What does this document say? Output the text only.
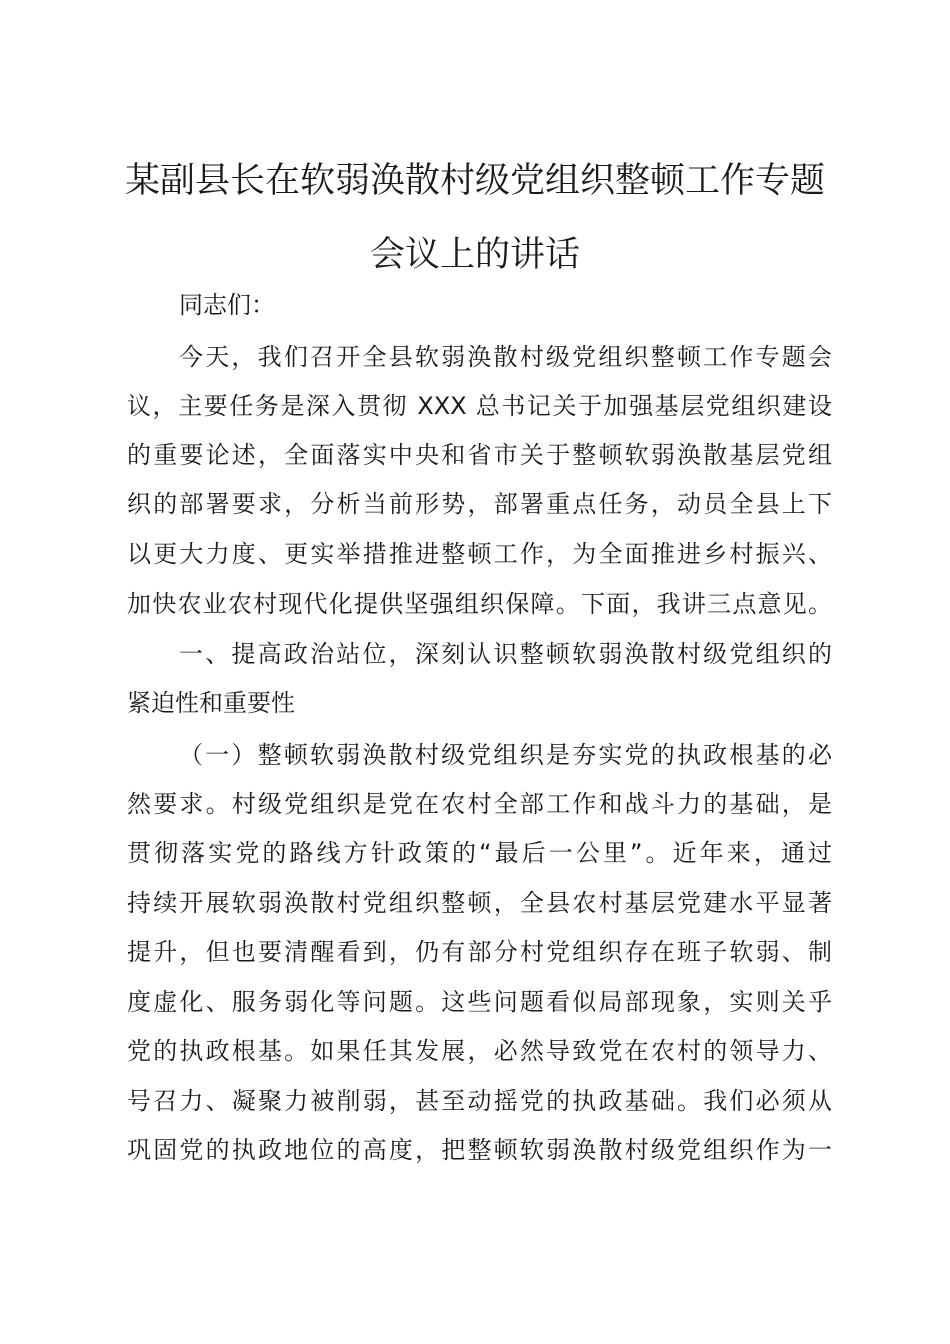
某副县长在软弱涣散村级党组织整顿工作专题
会议上的讲话

同志们：

今天，我们召开全县软弱涣散村级党组织整顿工作专题会

议，主要任务是深入贯彻 XXX 总书记关于加强基层党组织建设

的重要论述，全面落实中央和省市关于整顿软弱涣散基层党组

织的部署要求，分析当前形势，部署重点任务，动员全县上下

以更大力度、更实举措推进整顿工作，为全面推进乡村振兴、

加快农业农村现代化提供坚强组织保障。下面，我讲三点意见。

一、提高政治站位，深刻认识整顿软弱涣散村级党组织的

紧迫性和重要性

（一）整顿软弱涣散村级党组织是夯实党的执政根基的必

然要求。村级党组织是党在农村全部工作和战斗力的基础，是

贯彻落实党的路线方针政策的“最后一公里”。近年来，通过

持续开展软弱涣散村党组织整顿，全县农村基层党建水平显著

提升，但也要清醒看到，仍有部分村党组织存在班子软弱、制

度虚化、服务弱化等问题。这些问题看似局部现象，实则关乎

党的执政根基。如果任其发展，必然导致党在农村的领导力、

号召力、凝聚力被削弱，甚至动摇党的执政基础。我们必须从

巩固党的执政地位的高度，把整顿软弱涣散村级党组织作为一
